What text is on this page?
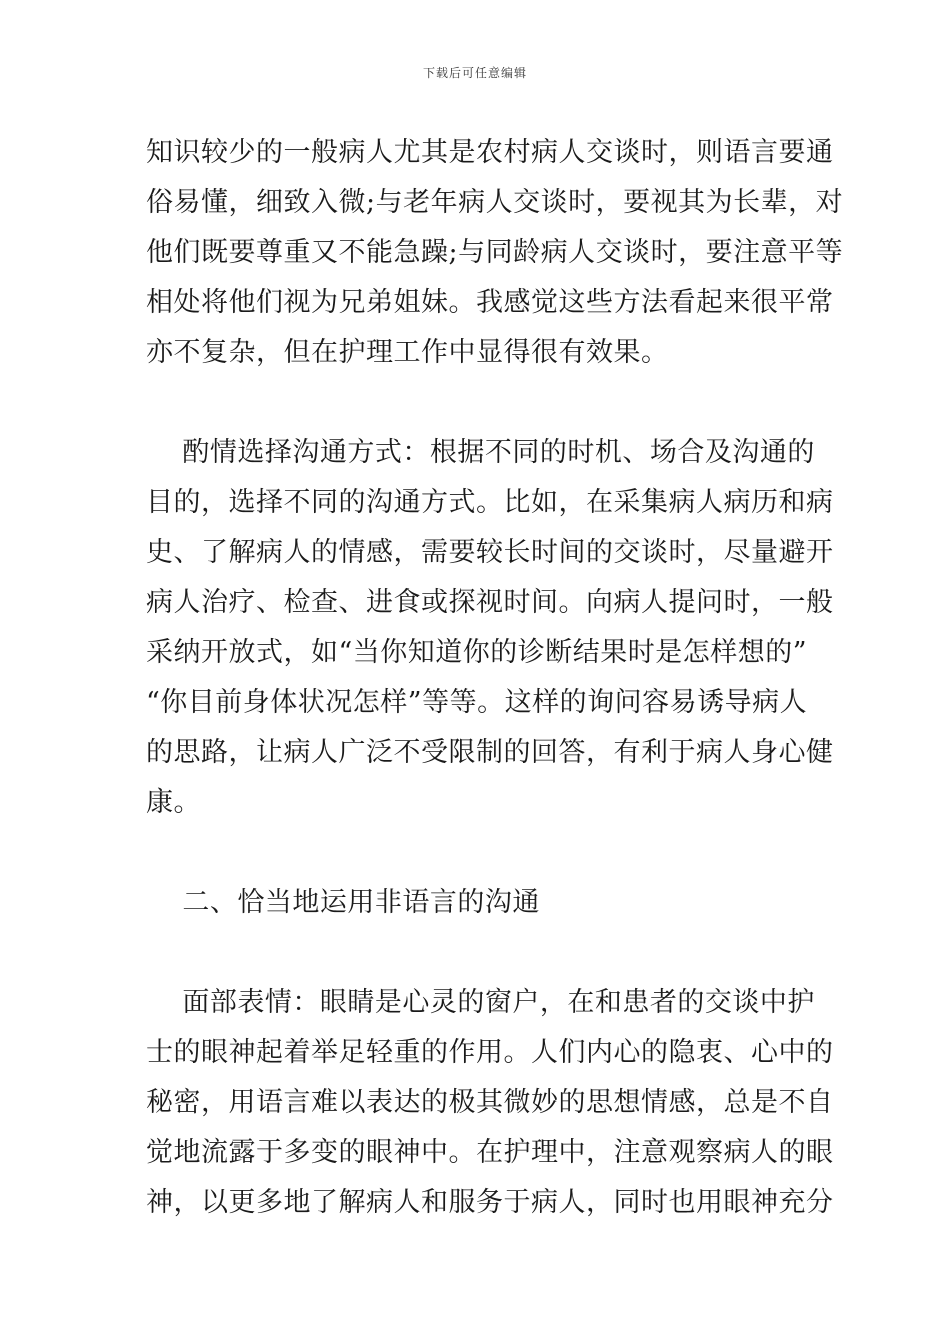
下载后可任意编辑
知识较少的一般病人尤其是农村病人交谈时，则语言要通
俗易懂，细致入微;与老年病人交谈时，要视其为长辈，对
他们既要尊重又不能急躁;与同龄病人交谈时，要注意平等
相处将他们视为兄弟姐妹。我感觉这些方法看起来很平常
亦不复杂，但在护理工作中显得很有效果。
酌情选择沟通方式：根据不同的时机、场合及沟通的
目的，选择不同的沟通方式。比如，在采集病人病历和病
史、了解病人的情感，需要较长时间的交谈时，尽量避开
病人治疗、检查、进食或探视时间。向病人提问时，一般
采纳开放式，如“当你知道你的诊断结果时是怎样想的”
“你目前身体状况怎样”等等。这样的询问容易诱导病人
的思路，让病人广泛不受限制的回答，有利于病人身心健
康。
二、恰当地运用非语言的沟通
面部表情：眼睛是心灵的窗户，在和患者的交谈中护
士的眼神起着举足轻重的作用。人们内心的隐衷、心中的
秘密，用语言难以表达的极其微妙的思想情感，总是不自
觉地流露于多变的眼神中。在护理中，注意观察病人的眼
神，以更多地了解病人和服务于病人，同时也用眼神充分
